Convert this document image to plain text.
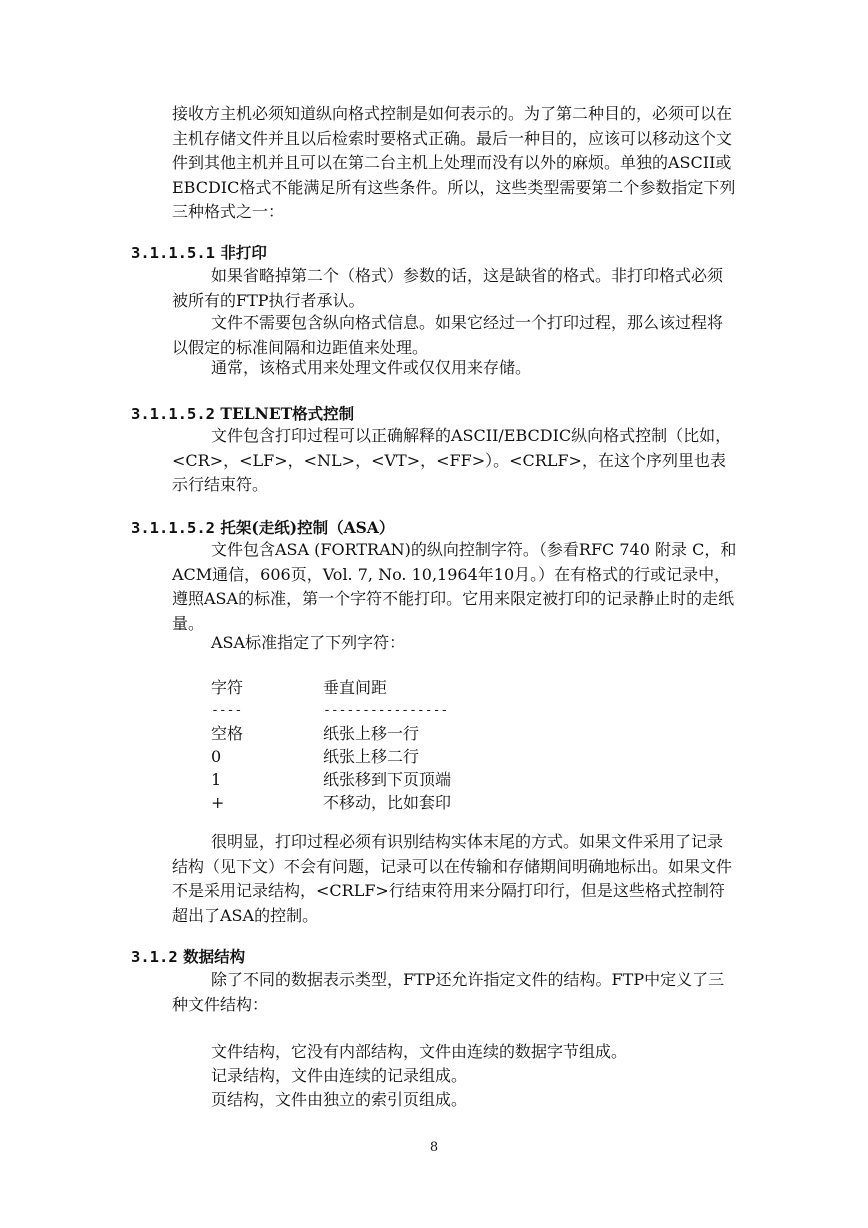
接收方主机必须知道纵向格式控制是如何表示的。为了第二种目的，必须可以在主机存储文件并且以后检索时要格式正确。最后一种目的，应该可以移动这个文件到其他主机并且可以在第二台主机上处理而没有以外的麻烦。单独的ASCII或EBCDIC格式不能满足所有这些条件。所以，这些类型需要第二个参数指定下列三种格式之一：

3.1.1.5.1 非打印

如果省略掉第二个（格式）参数的话，这是缺省的格式。非打印格式必须被所有的FTP执行者承认。

文件不需要包含纵向格式信息。如果它经过一个打印过程，那么该过程将以假定的标准间隔和边距值来处理。

通常，该格式用来处理文件或仅仅用来存储。

3.1.1.5.2 TELNET格式控制

文件包含打印过程可以正确解释的ASCII/EBCDIC纵向格式控制（比如，<CR>，<LF>，<NL>，<VT>，<FF>）。<CRLF>，在这个序列里也表示行结束符。

3.1.1.5.2 托架(走纸)控制（ASA）

文件包含ASA (FORTRAN)的纵向控制字符。（参看RFC 740 附录 C，和ACM通信，606页，Vol. 7, No. 10,1964年10月。）在有格式的行或记录中，遵照ASA的标准，第一个字符不能打印。它用来限定被打印的记录静止时的走纸量。

ASA标准指定了下列字符：

字符	垂直间距
----	----------------
空格	纸张上移一行
0	纸张上移二行
1	纸张移到下页顶端
+	不移动，比如套印

很明显，打印过程必须有识别结构实体末尾的方式。如果文件采用了记录结构（见下文）不会有问题，记录可以在传输和存储期间明确地标出。如果文件不是采用记录结构，<CRLF>行结束符用来分隔打印行，但是这些格式控制符超出了ASA的控制。

3.1.2 数据结构

除了不同的数据表示类型，FTP还允许指定文件的结构。FTP中定义了三种文件结构：

文件结构，它没有内部结构，文件由连续的数据字节组成。
记录结构，文件由连续的记录组成。
页结构，文件由独立的索引页组成。
8
